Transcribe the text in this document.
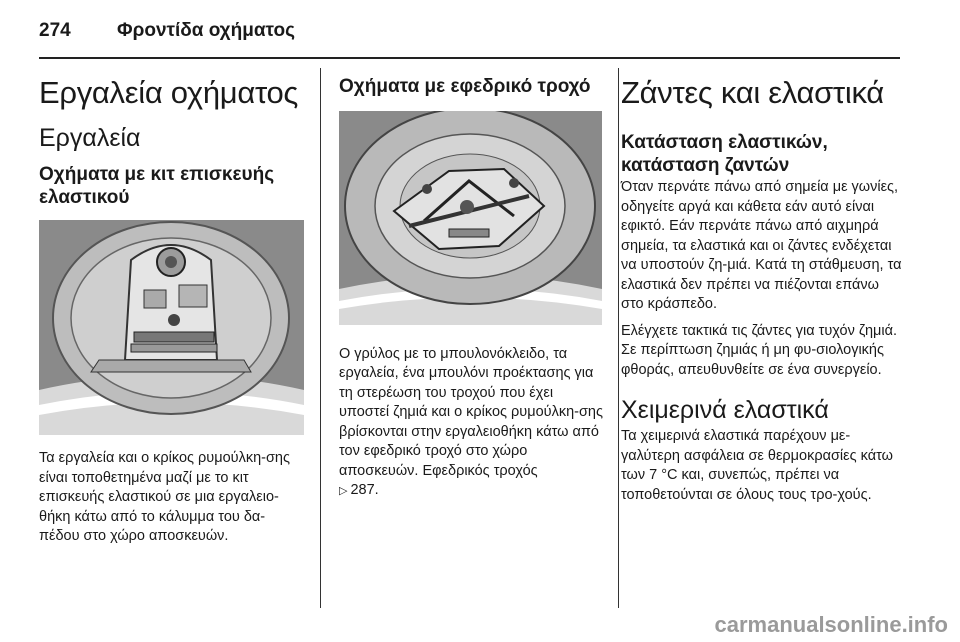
274 Φροντίδα οχήματος
Εργαλεία οχήματος
Εργαλεία
Οχήματα με κιτ επισκευής ελαστικού

Τα εργαλεία και ο κρίκος ρυμούλκη-σης είναι τοποθετημένα μαζί με το κιτ επισκευής ελαστικού σε μια εργαλειο-θήκη κάτω από το κάλυμμα του δα-πέδου στο χώρο αποσκευών.

Οχήματα με εφεδρικό τροχό

Ο γρύλος με το μπουλονόκλειδο, τα εργαλεία, ένα μπουλόνι προέκτασης για τη στερέωση του τροχού που έχει υποστεί ζημιά και ο κρίκος ρυμούλκη-σης βρίσκονται στην εργαλειοθήκη κάτω από τον εφεδρικό τροχό στο χώρο αποσκευών. Εφεδρικός τροχός
▷ 287.

Ζάντες και ελαστικά
Κατάσταση ελαστικών, κατάσταση ζαντών

Όταν περνάτε πάνω από σημεία με γωνίες, οδηγείτε αργά και κάθετα εάν αυτό είναι εφικτό. Εάν περνάτε πάνω από αιχμηρά σημεία, τα ελαστικά και οι ζάντες ενδέχεται να υποστούν ζη-μιά. Κατά τη στάθμευση, τα ελαστικά δεν πρέπει να πιέζονται επάνω στο κράσπεδο.

Ελέγχετε τακτικά τις ζάντες για τυχόν ζημιά. Σε περίπτωση ζημιάς ή μη φυ-σιολογικής φθοράς, απευθυνθείτε σε ένα συνεργείο.

Χειμερινά ελαστικά

Τα χειμερινά ελαστικά παρέχουν με-γαλύτερη ασφάλεια σε θερμοκρασίες κάτω των 7 °C και, συνεπώς, πρέπει να τοποθετούνται σε όλους τους τρο-χούς.

carmanualsonline.info
